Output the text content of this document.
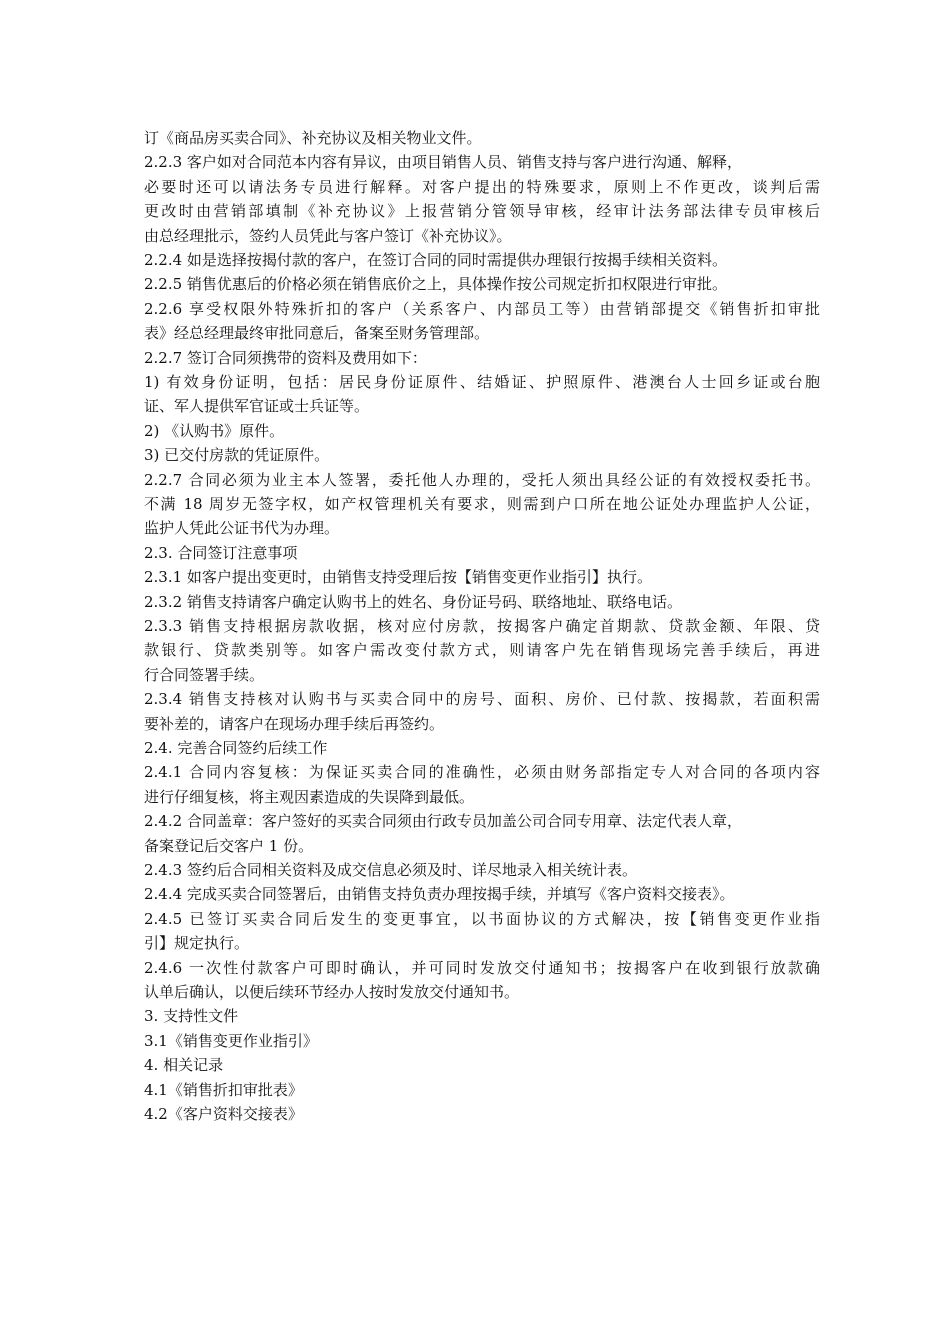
订《商品房买卖合同》、补充协议及相关物业文件。
2.2.3 客户如对合同范本内容有异议，由项目销售人员、销售支持与客户进行沟通、解释，
必要时还可以请法务专员进行解释。对客户提出的特殊要求，原则上不作更改，谈判后需
更改时由营销部填制《补充协议》上报营销分管领导审核，经审计法务部法律专员审核后
由总经理批示，签约人员凭此与客户签订《补充协议》。
2.2.4 如是选择按揭付款的客户，在签订合同的同时需提供办理银行按揭手续相关资料。
2.2.5 销售优惠后的价格必须在销售底价之上，具体操作按公司规定折扣权限进行审批。
2.2.6 享受权限外特殊折扣的客户（关系客户、内部员工等）由营销部提交《销售折扣审批
表》经总经理最终审批同意后，备案至财务管理部。
2.2.7 签订合同须携带的资料及费用如下：
1) 有效身份证明，包括：居民身份证原件、结婚证、护照原件、港澳台人士回乡证或台胞
证、军人提供军官证或士兵证等。
2) 《认购书》原件。
3) 已交付房款的凭证原件。
2.2.7 合同必须为业主本人签署，委托他人办理的，受托人须出具经公证的有效授权委托书。
不满 18 周岁无签字权，如产权管理机关有要求，则需到户口所在地公证处办理监护人公证，
监护人凭此公证书代为办理。
2.3. 合同签订注意事项
2.3.1 如客户提出变更时，由销售支持受理后按【销售变更作业指引】执行。
2.3.2 销售支持请客户确定认购书上的姓名、身份证号码、联络地址、联络电话。
2.3.3 销售支持根据房款收据，核对应付房款，按揭客户确定首期款、贷款金额、年限、贷
款银行、贷款类别等。如客户需改变付款方式，则请客户先在销售现场完善手续后，再进
行合同签署手续。
2.3.4 销售支持核对认购书与买卖合同中的房号、面积、房价、已付款、按揭款，若面积需
要补差的，请客户在现场办理手续后再签约。
2.4. 完善合同签约后续工作
2.4.1 合同内容复核：为保证买卖合同的准确性，必须由财务部指定专人对合同的各项内容
进行仔细复核，将主观因素造成的失误降到最低。
2.4.2 合同盖章：客户签好的买卖合同须由行政专员加盖公司合同专用章、法定代表人章，
备案登记后交客户 1 份。
2.4.3 签约后合同相关资料及成交信息必须及时、详尽地录入相关统计表。
2.4.4 完成买卖合同签署后，由销售支持负责办理按揭手续，并填写《客户资料交接表》。
2.4.5 已签订买卖合同后发生的变更事宜，以书面协议的方式解决，按【销售变更作业指
引】规定执行。
2.4.6 一次性付款客户可即时确认，并可同时发放交付通知书；按揭客户在收到银行放款确
认单后确认，以便后续环节经办人按时发放交付通知书。
3. 支持性文件
3.1《销售变更作业指引》
4. 相关记录
4.1《销售折扣审批表》
4.2《客户资料交接表》
